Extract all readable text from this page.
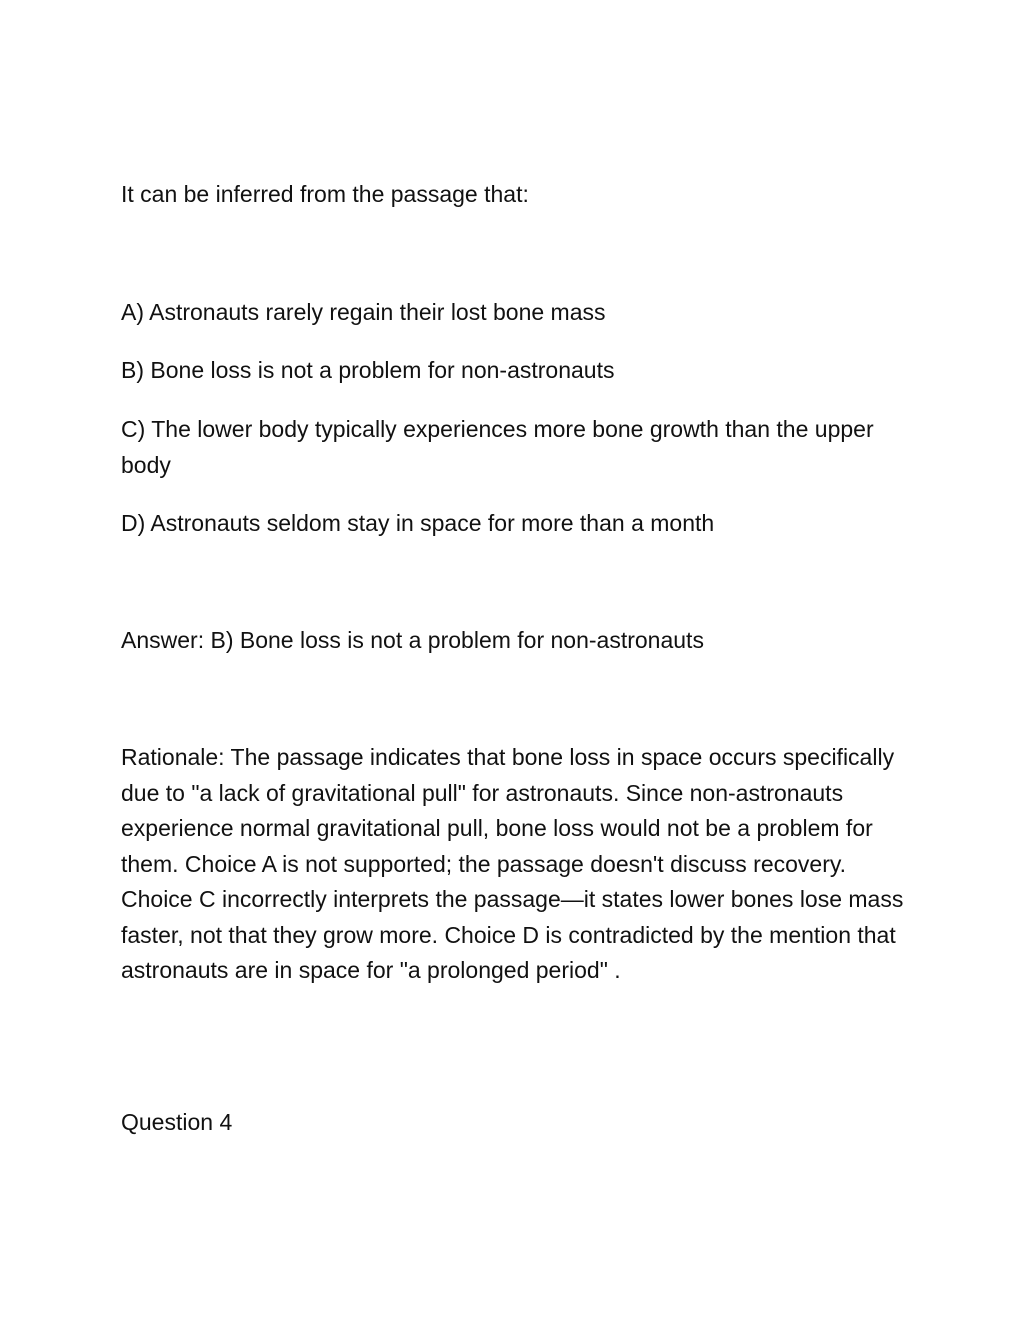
It can be inferred from the passage that:

A) Astronauts rarely regain their lost bone mass

B) Bone loss is not a problem for non-astronauts

C) The lower body typically experiences more bone growth than the upper body

D) Astronauts seldom stay in space for more than a month

Answer: B) Bone loss is not a problem for non-astronauts

Rationale: The passage indicates that bone loss in space occurs specifically due to "a lack of gravitational pull" for astronauts. Since non-astronauts experience normal gravitational pull, bone loss would not be a problem for them. Choice A is not supported; the passage doesn't discuss recovery. Choice C incorrectly interprets the passage—it states lower bones lose mass faster, not that they grow more. Choice D is contradicted by the mention that astronauts are in space for "a prolonged period" .

Question 4
